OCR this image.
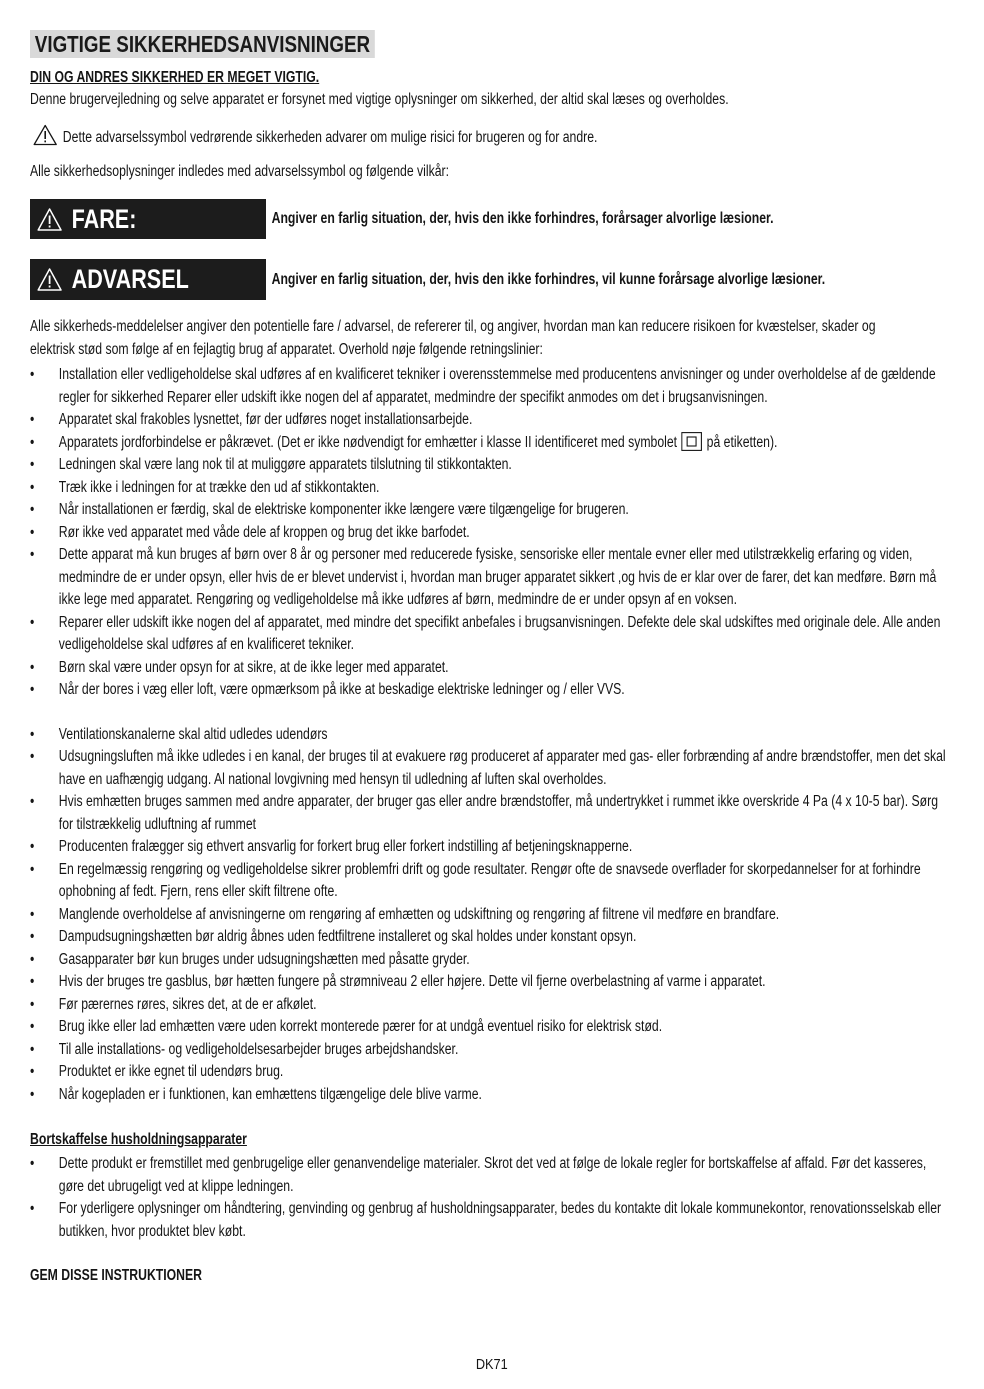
VIGTIGE SIKKERHEDSANVISNINGER

DIN OG ANDRES SIKKERHED ER MEGET VIGTIG.

Denne brugervejledning og selve apparatet er forsynet med vigtige oplysninger om sikkerhed, der altid skal læses og overholdes.

Dette advarselssymbol vedrørende sikkerheden advarer om mulige risici for brugeren og for andre.

Alle sikkerhedsoplysninger indledes med advarselssymbol og følgende vilkår:

FARE:	Angiver en farlig situation, der, hvis den ikke forhindres, forårsager alvorlige læsioner.
ADVARSEL	Angiver en farlig situation, der, hvis den ikke forhindres, vil kunne forårsage alvorlige læsioner.

Alle sikkerheds-meddelelser angiver den potentielle fare / advarsel, de refererer til, og angiver, hvordan man kan reducere risikoen for kvæstelser, skader og elektrisk stød som følge af en fejlagtig brug af apparatet. Overhold nøje følgende retningslinier:

• Installation eller vedligeholdelse skal udføres af en kvalificeret tekniker i overensstemmelse med producentens anvisninger og under overholdelse af de gældende regler for sikkerhed Reparer eller udskift ikke nogen del af apparatet, medmindre der specifikt anmodes om det i brugsanvisningen.
• Apparatet skal frakobles lysnettet, før der udføres noget installationsarbejde.
• Apparatets jordforbindelse er påkrævet. (Det er ikke nødvendigt for emhætter i klasse II identificeret med symbolet på etiketten).
• Ledningen skal være lang nok til at muliggøre apparatets tilslutning til stikkontakten.
• Træk ikke i ledningen for at trække den ud af stikkontakten.
• Når installationen er færdig, skal de elektriske komponenter ikke længere være tilgængelige for brugeren.
• Rør ikke ved apparatet med våde dele af kroppen og brug det ikke barfodet.
• Dette apparat må kun bruges af børn over 8 år og personer med reducerede fysiske, sensoriske eller mentale evner eller med utilstrækkelig erfaring og viden, medmindre de er under opsyn, eller hvis de er blevet undervist i, hvordan man bruger apparatet sikkert ,og hvis de er klar over de farer, det kan medføre. Børn må ikke lege med apparatet. Rengøring og vedligeholdelse må ikke udføres af børn, medmindre de er under opsyn af en voksen.
• Reparer eller udskift ikke nogen del af apparatet, med mindre det specifikt anbefales i brugsanvisningen. Defekte dele skal udskiftes med originale dele. Alle anden vedligeholdelse skal udføres af en kvalificeret tekniker.
• Børn skal være under opsyn for at sikre, at de ikke leger med apparatet.
• Når der bores i væg eller loft, være opmærksom på ikke at beskadige elektriske ledninger og / eller VVS.
• Ventilationskanalerne skal altid udledes udendørs
• Udsugningsluften må ikke udledes i en kanal, der bruges til at evakuere røg produceret af apparater med gas- eller forbrænding af andre brændstoffer, men det skal have en uafhængig udgang. Al national lovgivning med hensyn til udledning af luften skal overholdes.
• Hvis emhætten bruges sammen med andre apparater, der bruger gas eller andre brændstoffer, må undertrykket i rummet ikke overskride 4 Pa (4 x 10-5 bar). Sørg for tilstrækkelig udluftning af rummet
• Producenten fralægger sig ethvert ansvarlig for forkert brug eller forkert indstilling af betjeningsknapperne.
• En regelmæssig rengøring og vedligeholdelse sikrer problemfri drift og gode resultater. Rengør ofte de snavsede overflader for skorpedannelser for at forhindre ophobning af fedt. Fjern, rens eller skift filtrene ofte.
• Manglende overholdelse af anvisningerne om rengøring af emhætten og udskiftning og rengøring af filtrene vil medføre en brandfare.
• Dampudsugningshætten bør aldrig åbnes uden fedtfiltrene installeret og skal holdes under konstant opsyn.
• Gasapparater bør kun bruges under udsugningshætten med påsatte gryder.
• Hvis der bruges tre gasblus, bør hætten fungere på strømniveau 2 eller højere. Dette vil fjerne overbelastning af varme i apparatet.
• Før pærernes røres, sikres det, at de er afkølet.
• Brug ikke eller lad emhætten være uden korrekt monterede pærer for at undgå eventuel risiko for elektrisk stød.
• Til alle installations- og vedligeholdelsesarbejder bruges arbejdshandsker.
• Produktet er ikke egnet til udendørs brug.
• Når kogepladen er i funktionen, kan emhættens tilgængelige dele blive varme.

Bortskaffelse husholdningsapparater

• Dette produkt er fremstillet med genbrugelige eller genanvendelige materialer. Skrot det ved at følge de lokale regler for bortskaffelse af affald. Før det kasseres, gøre det ubrugeligt ved at klippe ledningen.
• For yderligere oplysninger om håndtering, genvinding og genbrug af husholdningsapparater, bedes du kontakte dit lokale kommunekontor, renovationsselskab eller butikken, hvor produktet blev købt.

GEM DISSE INSTRUKTIONER

DK71
